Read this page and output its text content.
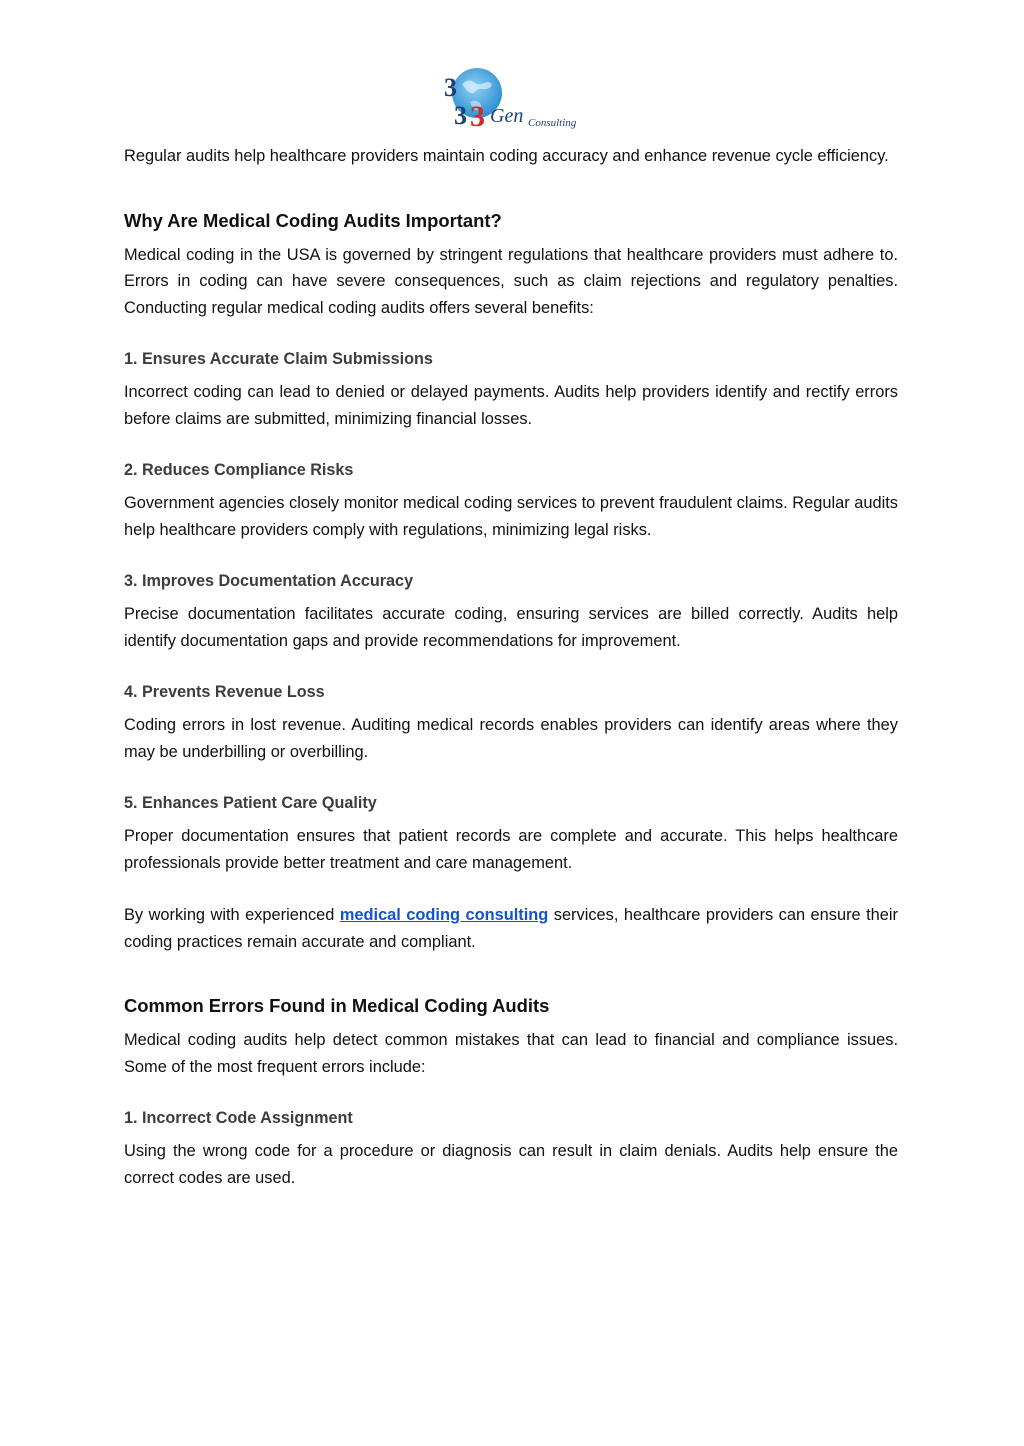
3
3 3 Gen Consulting

Regular audits help healthcare providers maintain coding accuracy and enhance revenue cycle efficiency.

Why Are Medical Coding Audits Important?

Medical coding in the USA is governed by stringent regulations that healthcare providers must adhere to. Errors in coding can have severe consequences, such as claim rejections and regulatory penalties. Conducting regular medical coding audits offers several benefits:

1. Ensures Accurate Claim Submissions

Incorrect coding can lead to denied or delayed payments. Audits help providers identify and rectify errors before claims are submitted, minimizing financial losses.

2. Reduces Compliance Risks

Government agencies closely monitor medical coding services to prevent fraudulent claims. Regular audits help healthcare providers comply with regulations, minimizing legal risks.

3. Improves Documentation Accuracy

Precise documentation facilitates accurate coding, ensuring services are billed correctly. Audits help identify documentation gaps and provide recommendations for improvement.

4. Prevents Revenue Loss

Coding errors in lost revenue. Auditing medical records enables providers can identify areas where they may be underbilling or overbilling.

5. Enhances Patient Care Quality

Proper documentation ensures that patient records are complete and accurate. This helps healthcare professionals provide better treatment and care management.

By working with experienced medical coding consulting services, healthcare providers can ensure their coding practices remain accurate and compliant.

Common Errors Found in Medical Coding Audits

Medical coding audits help detect common mistakes that can lead to financial and compliance issues. Some of the most frequent errors include:

1. Incorrect Code Assignment

Using the wrong code for a procedure or diagnosis can result in claim denials. Audits help ensure the correct codes are used.
